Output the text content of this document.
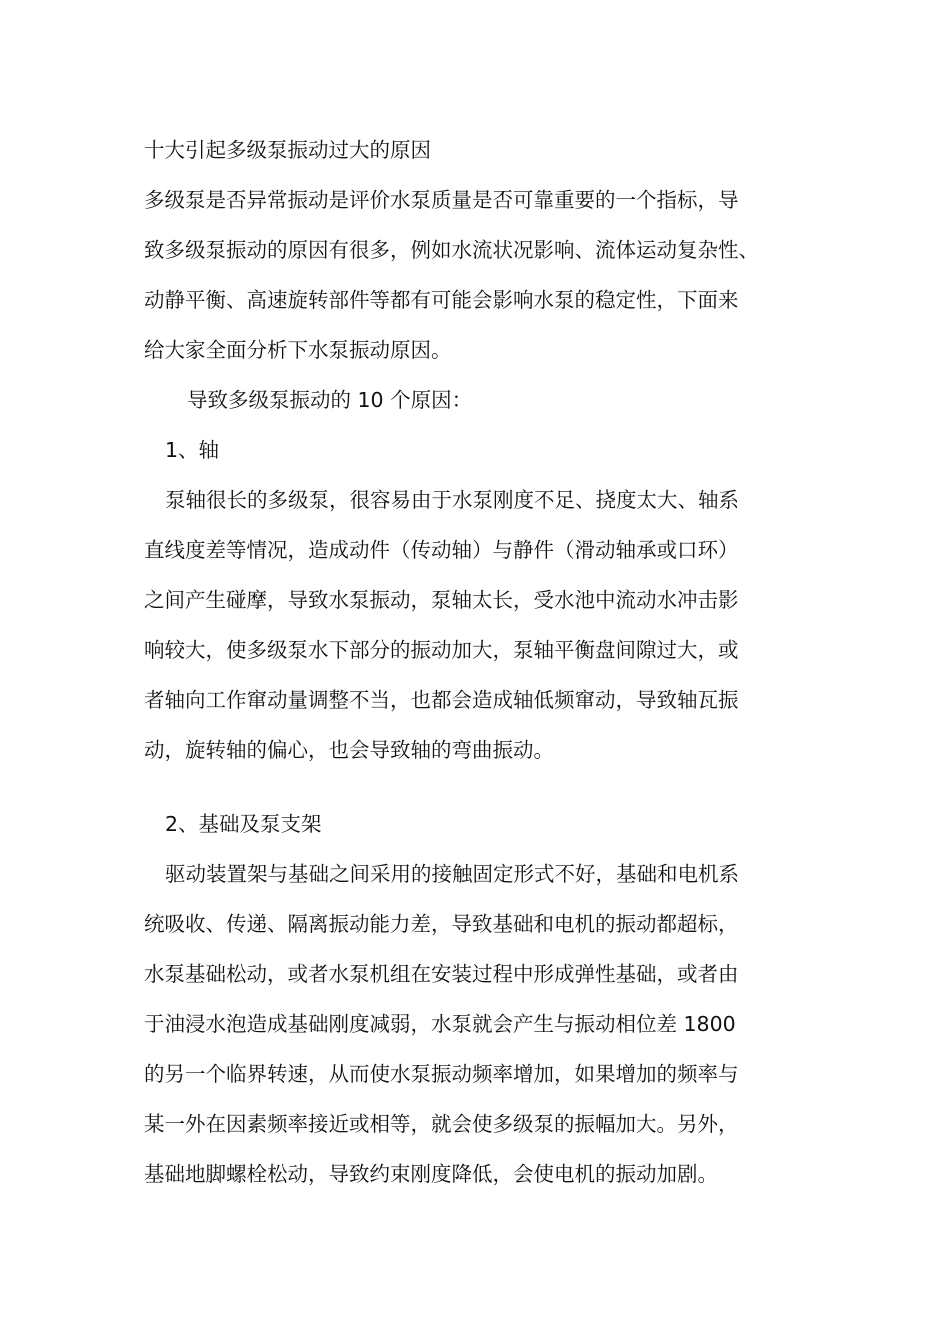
十大引起多级泵振动过大的原因
多级泵是否异常振动是评价水泵质量是否可靠重要的一个指标，导
致多级泵振动的原因有很多，例如水流状况影响、流体运动复杂性、
动静平衡、高速旋转部件等都有可能会影响水泵的稳定性，下面来
给大家全面分析下水泵振动原因。
导致多级泵振动的 10 个原因：
1、轴
泵轴很长的多级泵，很容易由于水泵刚度不足、挠度太大、轴系
直线度差等情况，造成动件（传动轴）与静件（滑动轴承或口环）
之间产生碰摩，导致水泵振动，泵轴太长，受水池中流动水冲击影
响较大，使多级泵水下部分的振动加大，泵轴平衡盘间隙过大，或
者轴向工作窜动量调整不当，也都会造成轴低频窜动，导致轴瓦振
动，旋转轴的偏心，也会导致轴的弯曲振动。
2、基础及泵支架
驱动装置架与基础之间采用的接触固定形式不好，基础和电机系
统吸收、传递、隔离振动能力差，导致基础和电机的振动都超标，
水泵基础松动，或者水泵机组在安装过程中形成弹性基础，或者由
于油浸水泡造成基础刚度减弱，水泵就会产生与振动相位差 1800
的另一个临界转速，从而使水泵振动频率增加，如果增加的频率与
某一外在因素频率接近或相等，就会使多级泵的振幅加大。另外，
基础地脚螺栓松动，导致约束刚度降低，会使电机的振动加剧。
